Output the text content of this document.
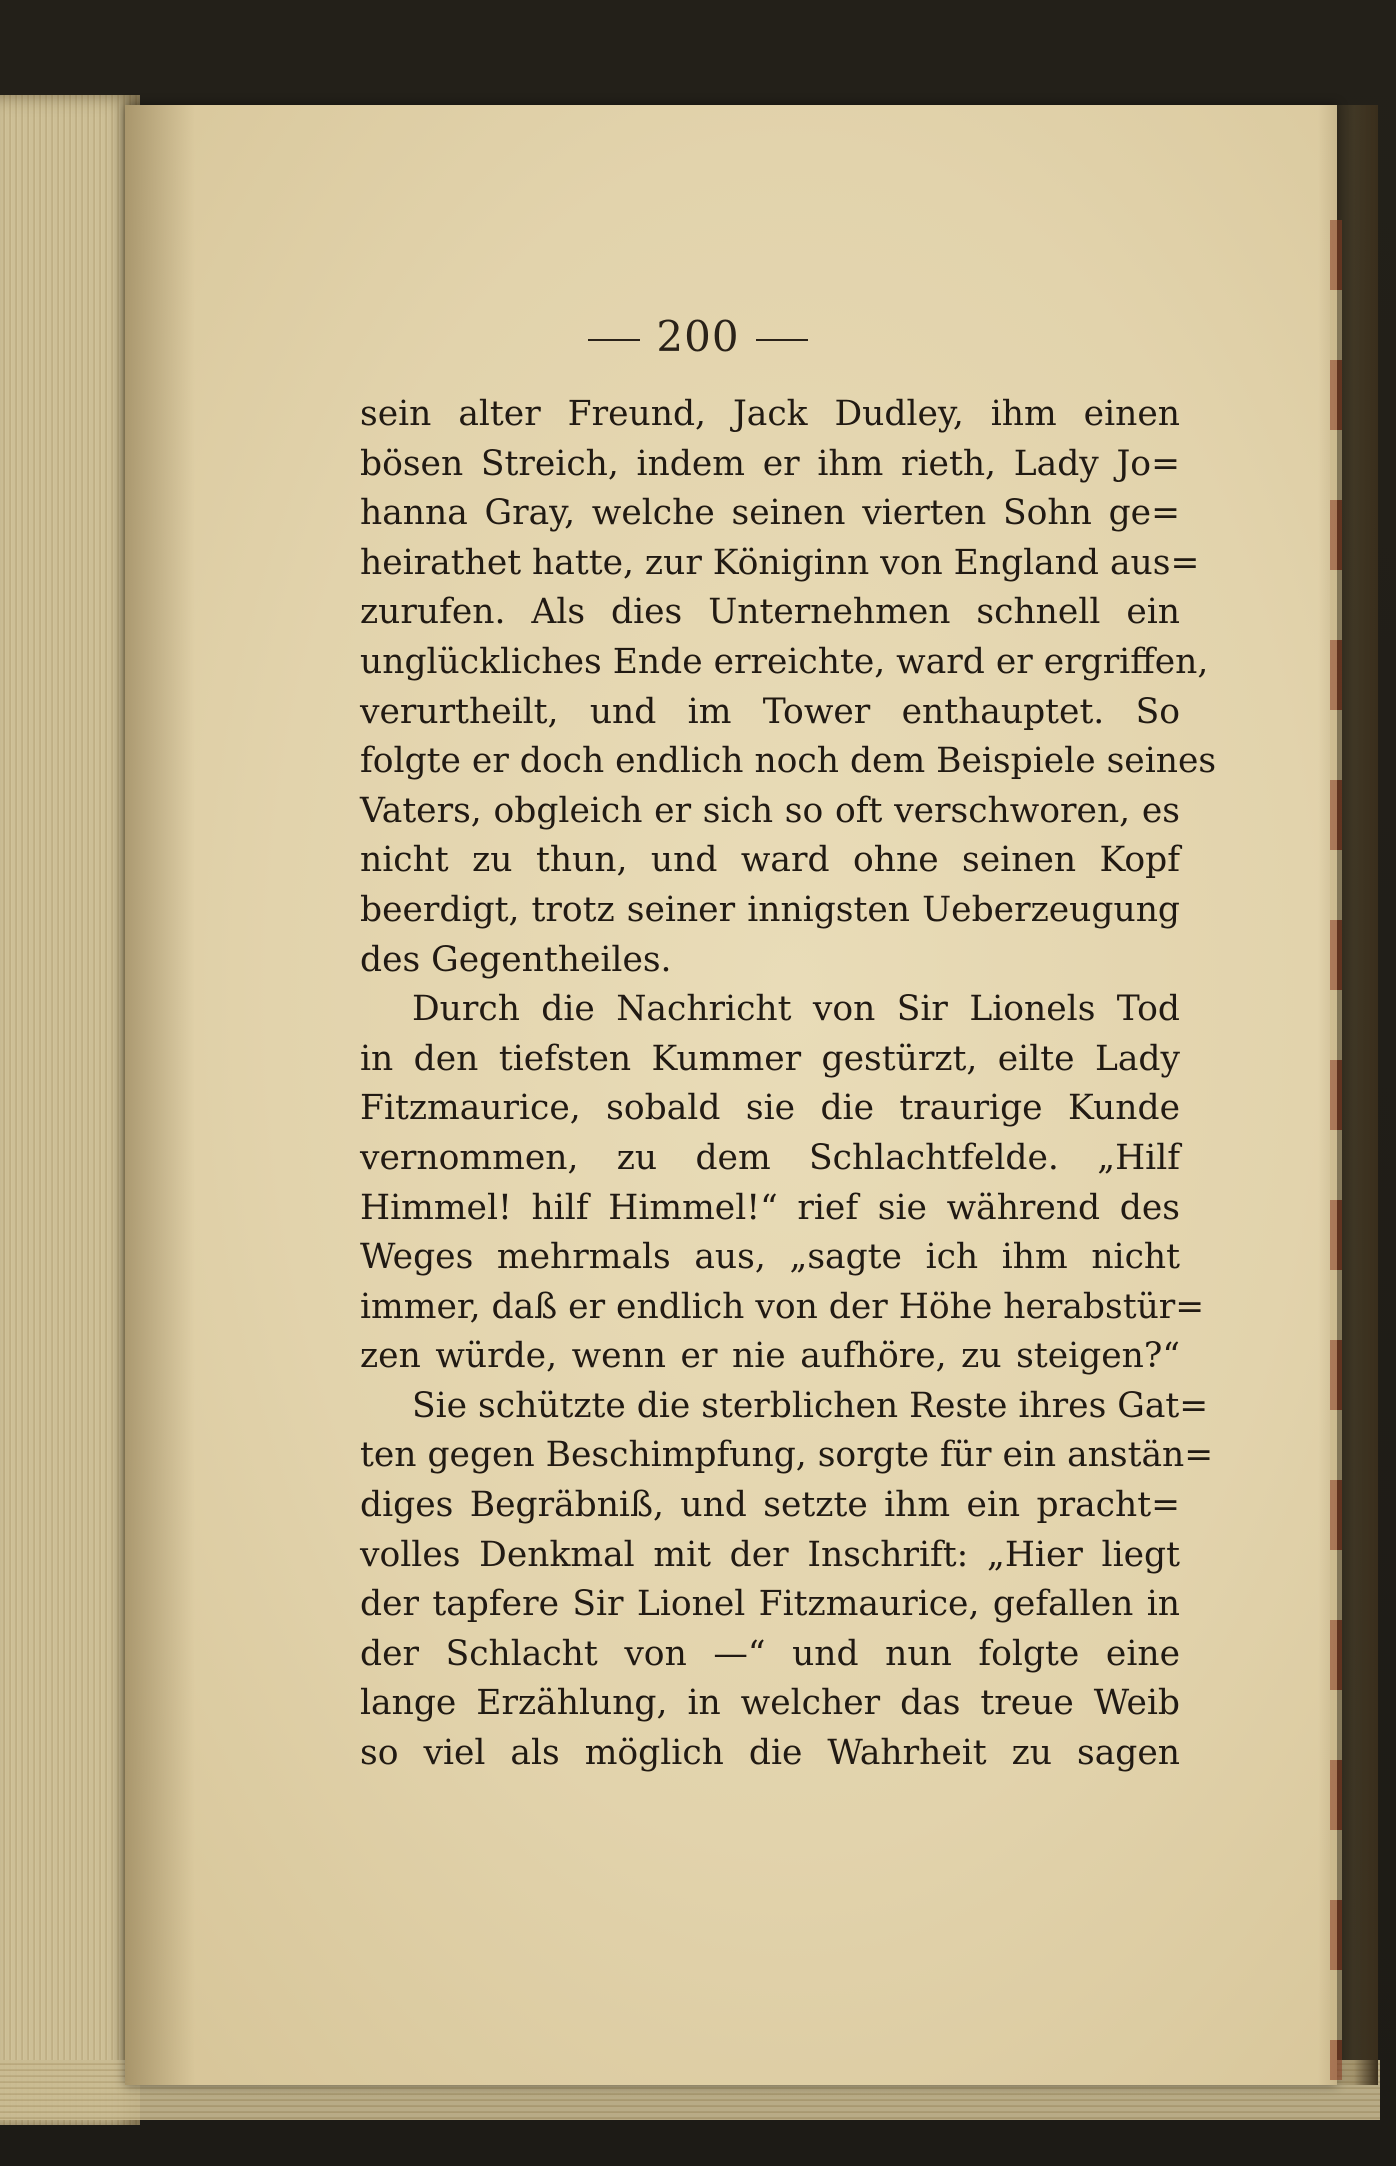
200
sein alter Freund, Jack Dudley, ihm einen
bösen Streich, indem er ihm rieth, Lady Jo=
hanna Gray, welche seinen vierten Sohn ge=
heirathet hatte, zur Königinn von England aus=
zurufen. Als dies Unternehmen schnell ein
unglückliches Ende erreichte, ward er ergriffen,
verurtheilt, und im Tower enthauptet. So
folgte er doch endlich noch dem Beispiele seines
Vaters, obgleich er sich so oft verschworen, es
nicht zu thun, und ward ohne seinen Kopf
beerdigt, trotz seiner innigsten Ueberzeugung
des Gegentheiles.
Durch die Nachricht von Sir Lionels Tod
in den tiefsten Kummer gestürzt, eilte Lady
Fitzmaurice, sobald sie die traurige Kunde
vernommen, zu dem Schlachtfelde. „Hilf
Himmel! hilf Himmel!“ rief sie während des
Weges mehrmals aus, „sagte ich ihm nicht
immer, daß er endlich von der Höhe herabstür=
zen würde, wenn er nie aufhöre, zu steigen?“
Sie schützte die sterblichen Reste ihres Gat=
ten gegen Beschimpfung, sorgte für ein anstän=
diges Begräbniß, und setzte ihm ein pracht=
volles Denkmal mit der Inschrift: „Hier liegt
der tapfere Sir Lionel Fitzmaurice, gefallen in
der Schlacht von —“ und nun folgte eine
lange Erzählung, in welcher das treue Weib
so viel als möglich die Wahrheit zu sagen
